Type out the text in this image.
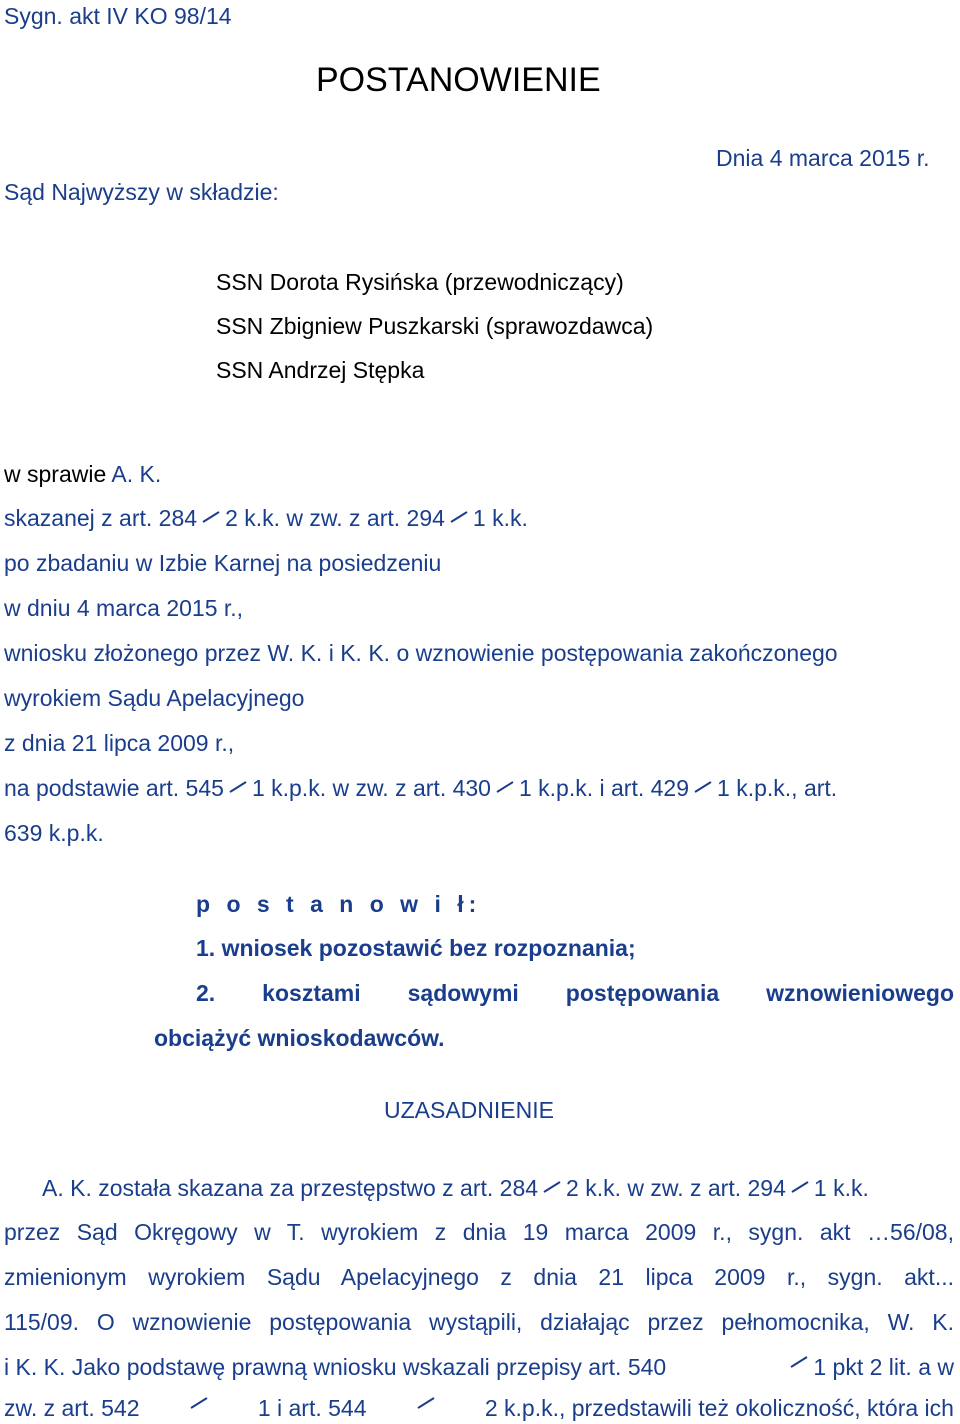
Sygn. akt IV KO 98/14
POSTANOWIENIE
Dnia 4 marca 2015 r.
Sąd Najwyższy w składzie:
SSN Dorota Rysińska (przewodniczący)
SSN Zbigniew Puszkarski (sprawozdawca)
SSN Andrzej Stępka
w sprawie A. K.
skazanej z art. 284 2 k.k. w zw. z art. 294 1 k.k.
po zbadaniu w Izbie Karnej na posiedzeniu
w dniu 4 marca 2015 r.,
wniosku złożonego przez W. K. i K. K. o wznowienie postępowania zakończonego
wyrokiem Sądu Apelacyjnego
z dnia 21 lipca 2009 r.,
na podstawie art. 545 1 k.p.k. w zw. z art. 430 1 k.p.k. i art. 429 1 k.p.k., art.
639 k.p.k.
p o s t a n o w i ł:
1. wniosek pozostawić bez rozpoznania;
2. kosztami sądowymi postępowania wznowieniowego
obciążyć wnioskodawców.
UZASADNIENIE
A. K. została skazana za przestępstwo z art. 284 2 k.k. w zw. z art. 294 1 k.k.
przez Sąd Okręgowy w T. wyrokiem z dnia 19 marca 2009 r., sygn. akt …56/08,
zmienionym wyrokiem Sądu Apelacyjnego z dnia 21 lipca 2009 r., sygn. akt...
115/09. O wznowienie postępowania wystąpili, działając przez pełnomocnika, W. K.
i K. K. Jako podstawę prawną wniosku wskazali przepisy art. 540	1 pkt 2 lit. a w
zw. z art. 542	1 i art. 544	2 k.p.k., przedstawili też okoliczność, która ich
